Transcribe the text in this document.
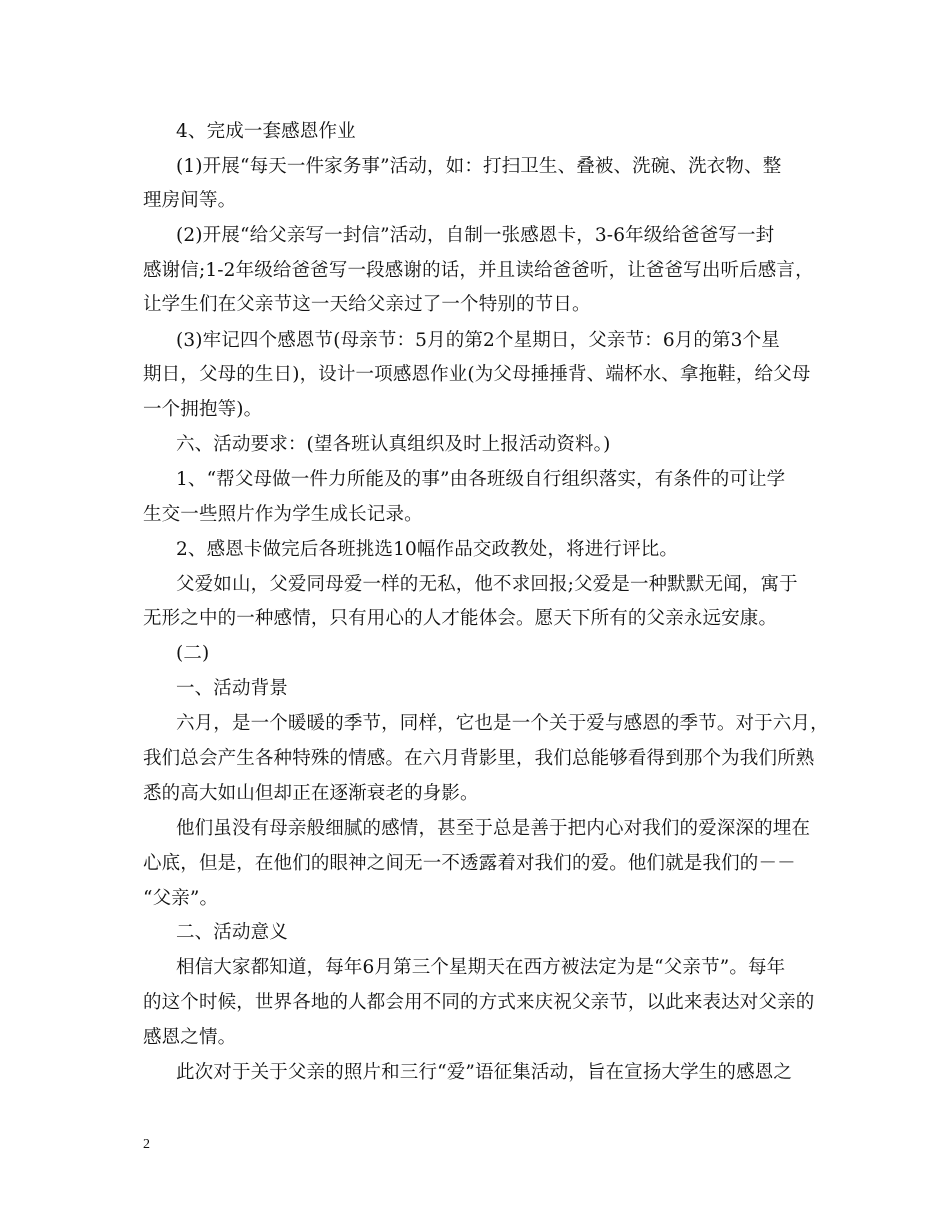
4、完成一套感恩作业
(1)开展“每天一件家务事”活动，如：打扫卫生、叠被、洗碗、洗衣物、整
理房间等。
(2)开展“给父亲写一封信”活动，自制一张感恩卡，3-6年级给爸爸写一封
感谢信;1-2年级给爸爸写一段感谢的话，并且读给爸爸听，让爸爸写出听后感言，
让学生们在父亲节这一天给父亲过了一个特别的节日。
(3)牢记四个感恩节(母亲节：5月的第2个星期日，父亲节：6月的第3个星
期日，父母的生日)，设计一项感恩作业(为父母捶捶背、端杯水、拿拖鞋，给父母
一个拥抱等)。
六、活动要求：(望各班认真组织及时上报活动资料。)
1、“帮父母做一件力所能及的事”由各班级自行组织落实，有条件的可让学
生交一些照片作为学生成长记录。
2、感恩卡做完后各班挑选10幅作品交政教处，将进行评比。
父爱如山，父爱同母爱一样的无私，他不求回报;父爱是一种默默无闻，寓于
无形之中的一种感情，只有用心的人才能体会。愿天下所有的父亲永远安康。
(二)
一、活动背景
六月，是一个暖暖的季节，同样，它也是一个关于爱与感恩的季节。对于六月，
我们总会产生各种特殊的情感。在六月背影里，我们总能够看得到那个为我们所熟
悉的高大如山但却正在逐渐衰老的身影。
他们虽没有母亲般细腻的感情，甚至于总是善于把内心对我们的爱深深的埋在
心底，但是，在他们的眼神之间无一不透露着对我们的爱。他们就是我们的－－
“父亲”。
二、活动意义
相信大家都知道，每年6月第三个星期天在西方被法定为是“父亲节”。每年
的这个时候，世界各地的人都会用不同的方式来庆祝父亲节，以此来表达对父亲的
感恩之情。
此次对于关于父亲的照片和三行“爱”语征集活动，旨在宣扬大学生的感恩之
2
